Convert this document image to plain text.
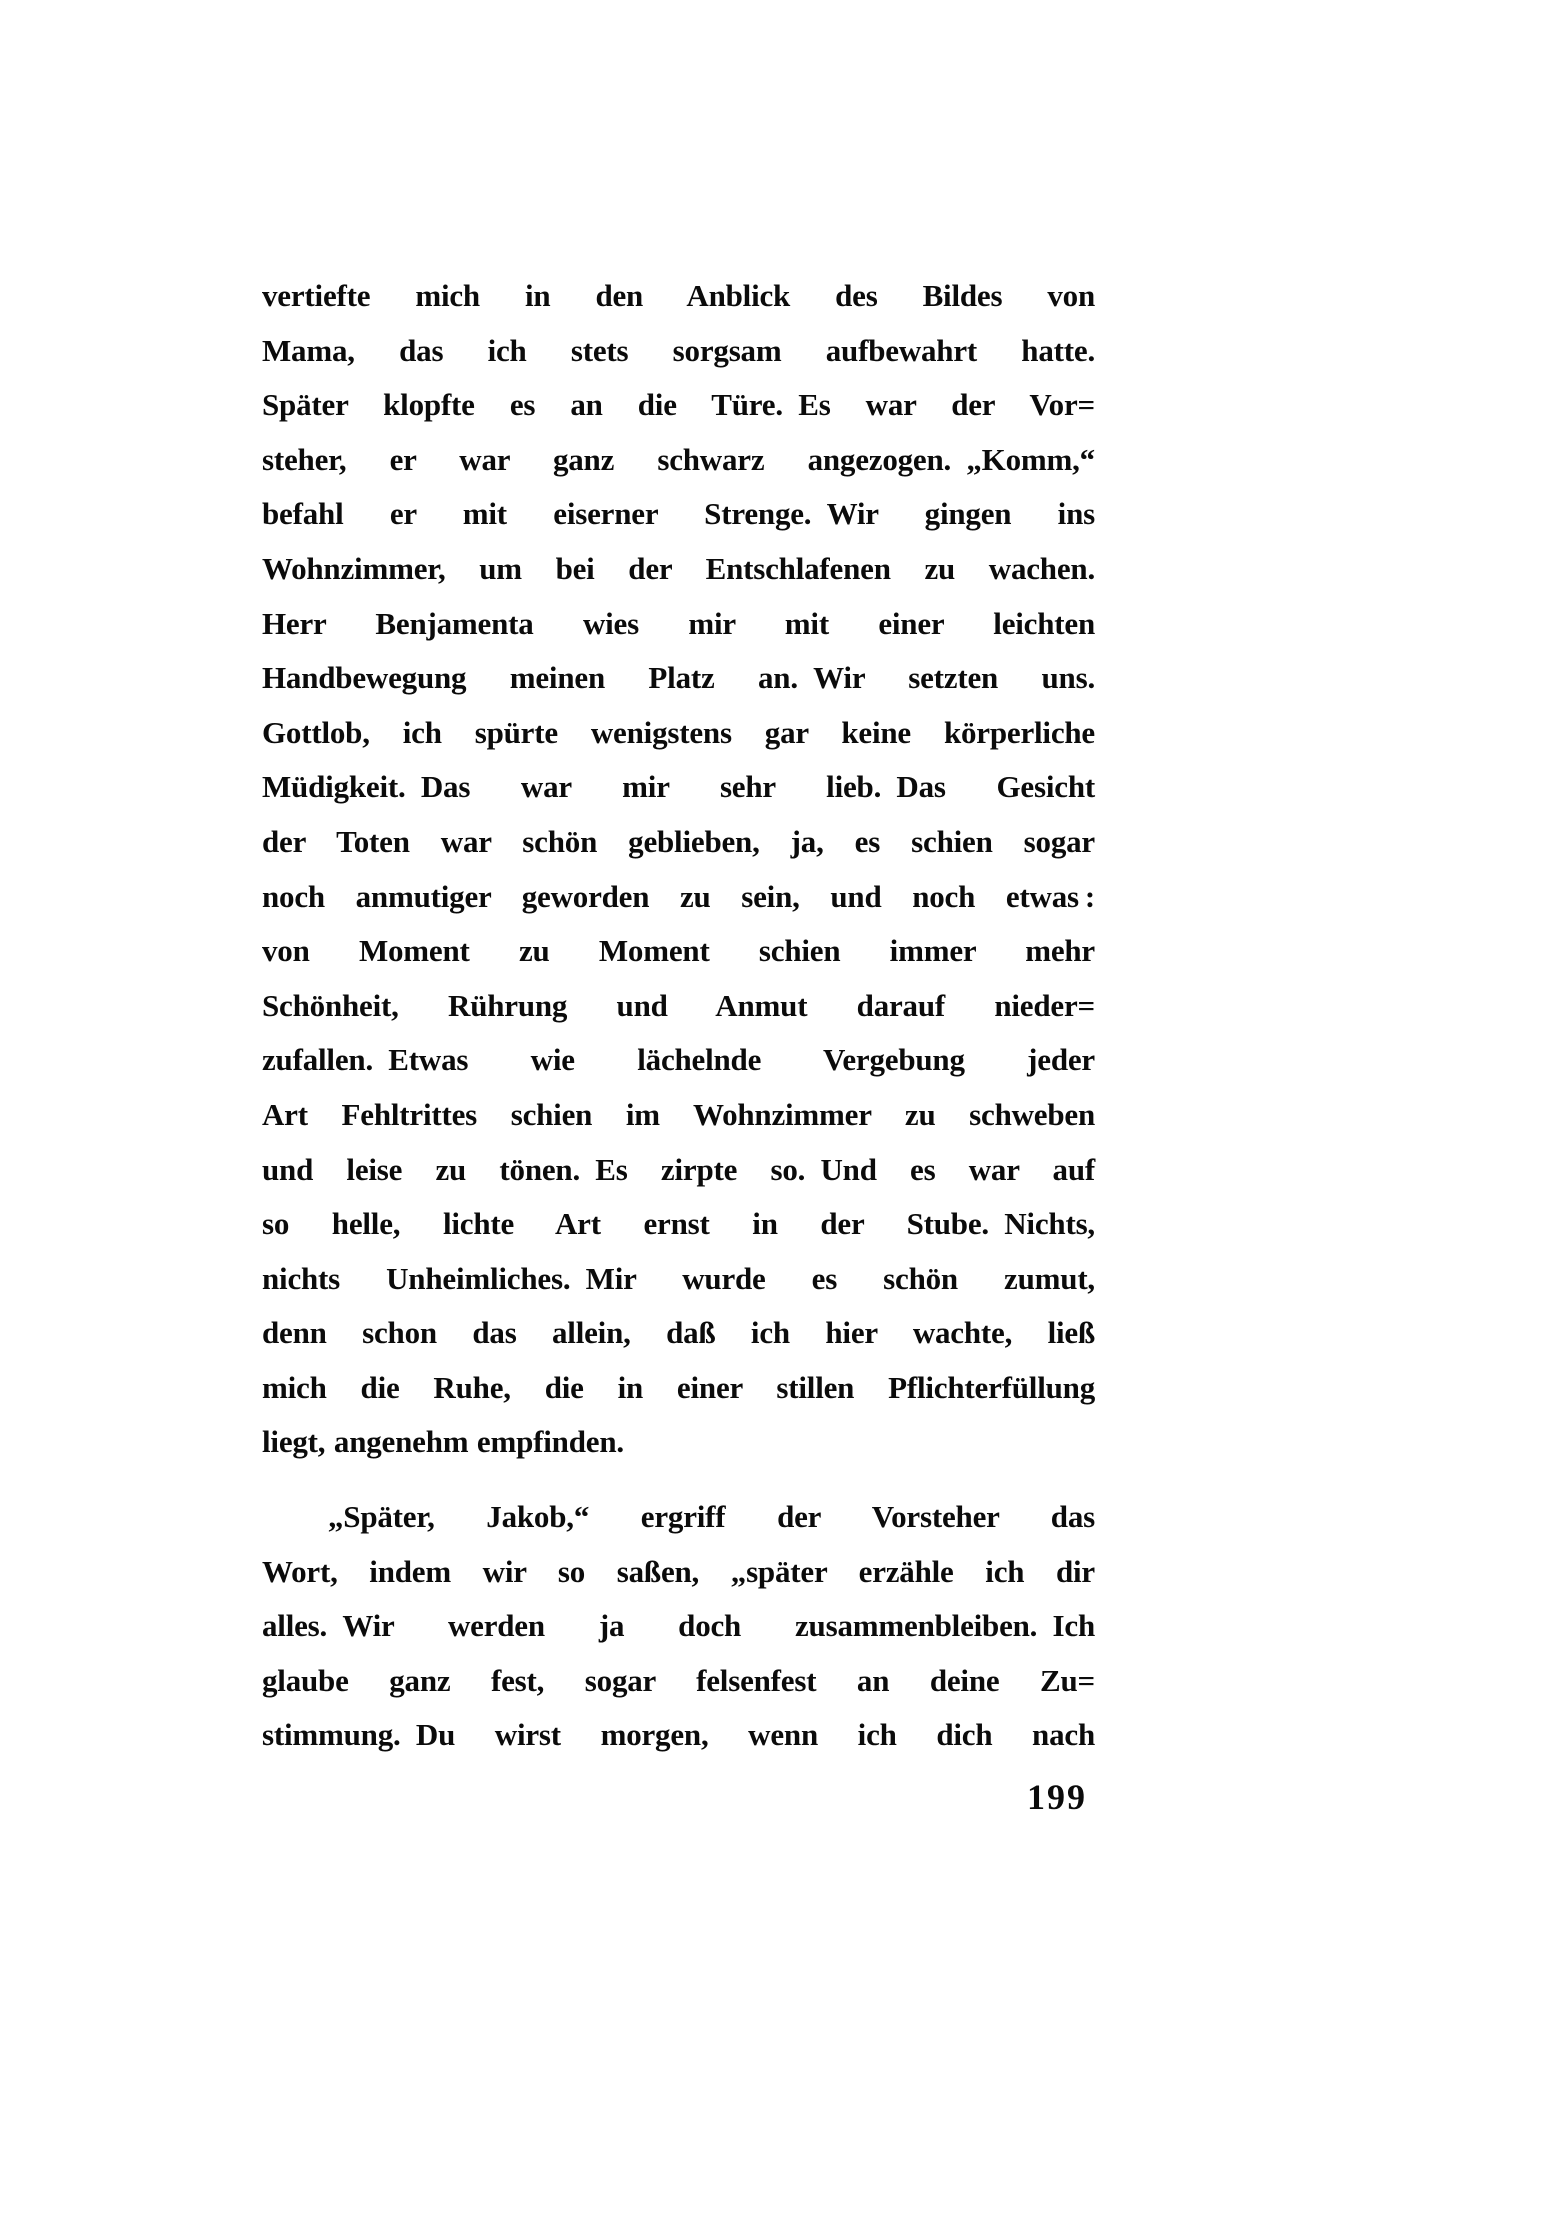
vertiefte mich in den Anblick des Bildes von
Mama, das ich stets sorgsam aufbewahrt hatte.
Später klopfte es an die Türe. Es war der Vor=
steher, er war ganz schwarz angezogen. „Komm,“
befahl er mit eiserner Strenge. Wir gingen ins
Wohnzimmer, um bei der Entschlafenen zu wachen.
Herr Benjamenta wies mir mit einer leichten
Handbewegung meinen Platz an. Wir setzten uns.
Gottlob, ich spürte wenigstens gar keine körperliche
Müdigkeit. Das war mir sehr lieb. Das Gesicht
der Toten war schön geblieben, ja, es schien sogar
noch anmutiger geworden zu sein, und noch etwas :
von Moment zu Moment schien immer mehr
Schönheit, Rührung und Anmut darauf nieder=
zufallen. Etwas wie lächelnde Vergebung jeder
Art Fehltrittes schien im Wohnzimmer zu schweben
und leise zu tönen. Es zirpte so. Und es war auf
so helle, lichte Art ernst in der Stube. Nichts,
nichts Unheimliches. Mir wurde es schön zumut,
denn schon das allein, daß ich hier wachte, ließ
mich die Ruhe, die in einer stillen Pflichterfüllung
liegt, angenehm empfinden.
„Später, Jakob,“ ergriff der Vorsteher das
Wort, indem wir so saßen, „später erzähle ich dir
alles. Wir werden ja doch zusammenbleiben. Ich
glaube ganz fest, sogar felsenfest an deine Zu=
stimmung. Du wirst morgen, wenn ich dich nach
199
